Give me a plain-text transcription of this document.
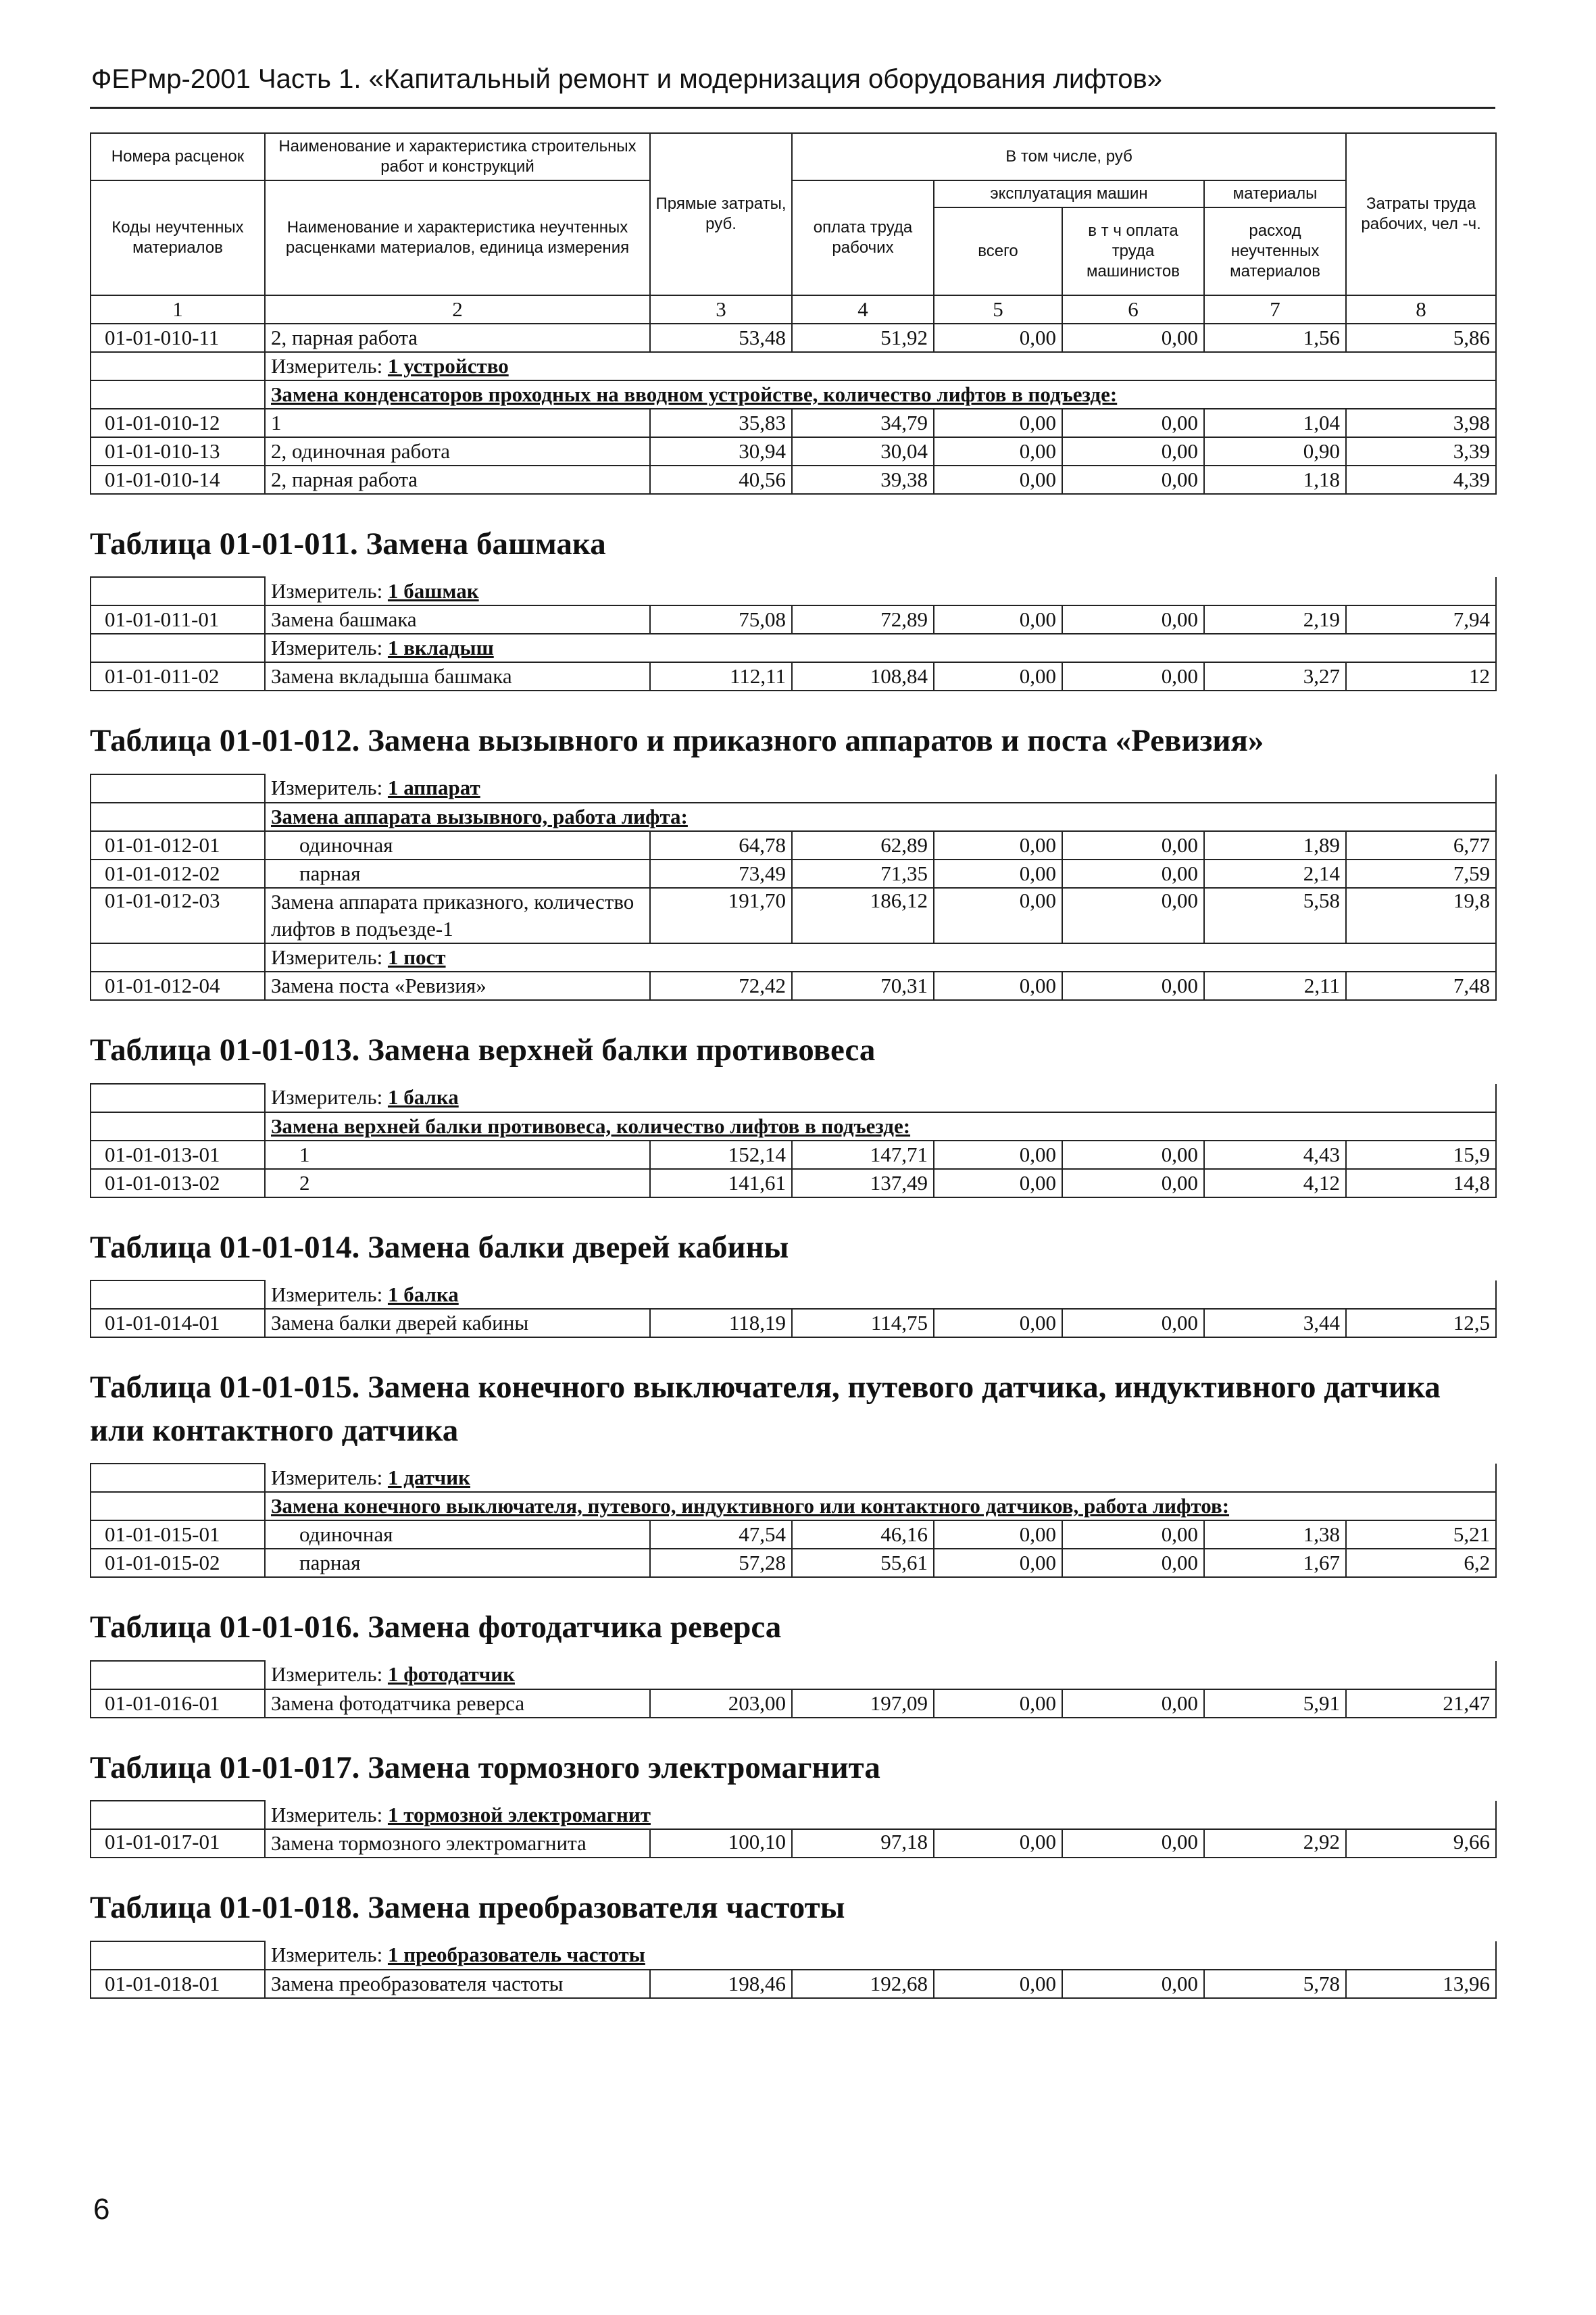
ФЕРмр-2001 Часть 1. «Капитальный ремонт и модернизация оборудования лифтов»
Номера расценок	Наименование и характеристика строительных работ и конструкций	Прямые затраты, руб.	В том числе, руб				Затраты труда рабочих, чел -ч.
Коды неучтенных материалов	Наименование и характеристика неучтенных расценками материалов, единица измерения		оплата труда рабочих	эксплуатация машин		материалы	
				всего	в т ч оплата труда машинистов	расход неучтенных материалов	
1	2	3	4	5	6	7	8
01-01-010-11	2, парная работа	53,48	51,92	0,00	0,00	1,56	5,86
	Измеритель: 1 устройство						
	Замена конденсаторов проходных на вводном устройстве, количество лифтов в подъезде:						
01-01-010-12	1	35,83	34,79	0,00	0,00	1,04	3,98
01-01-010-13	2, одиночная работа	30,94	30,04	0,00	0,00	0,90	3,39
01-01-010-14	2, парная работа	40,56	39,38	0,00	0,00	1,18	4,39
Таблица 01-01-011. Замена башмака
	Измеритель: 1 башмак						
01-01-011-01	Замена башмака	75,08	72,89	0,00	0,00	2,19	7,94
	Измеритель: 1 вкладыш						
01-01-011-02	Замена вкладыша башмака	112,11	108,84	0,00	0,00	3,27	12
Таблица 01-01-012. Замена вызывного и приказного аппаратов и поста «Ревизия»
	Измеритель: 1 аппарат						
	Замена аппарата вызывного, работа лифта:						
01-01-012-01	одиночная	64,78	62,89	0,00	0,00	1,89	6,77
01-01-012-02	парная	73,49	71,35	0,00	0,00	2,14	7,59
01-01-012-03	Замена аппарата приказного, количество лифтов в подъезде-1	191,70	186,12	0,00	0,00	5,58	19,8
	Измеритель: 1 пост						
01-01-012-04	Замена поста «Ревизия»	72,42	70,31	0,00	0,00	2,11	7,48
Таблица 01-01-013. Замена верхней балки противовеса
	Измеритель: 1 балка						
	Замена верхней балки противовеса, количество лифтов в подъезде:						
01-01-013-01	1	152,14	147,71	0,00	0,00	4,43	15,9
01-01-013-02	2	141,61	137,49	0,00	0,00	4,12	14,8
Таблица 01-01-014. Замена балки дверей кабины
	Измеритель: 1 балка						
01-01-014-01	Замена балки дверей кабины	118,19	114,75	0,00	0,00	3,44	12,5
Таблица 01-01-015. Замена конечного выключателя, путевого датчика, индуктивного датчика или контактного датчика
	Измеритель: 1 датчик						
	Замена конечного выключателя, путевого, индуктивного или контактного датчиков, работа лифтов:						
01-01-015-01	одиночная	47,54	46,16	0,00	0,00	1,38	5,21
01-01-015-02	парная	57,28	55,61	0,00	0,00	1,67	6,2
Таблица 01-01-016. Замена фотодатчика реверса
	Измеритель: 1 фотодатчик						
01-01-016-01	Замена фотодатчика реверса	203,00	197,09	0,00	0,00	5,91	21,47
Таблица 01-01-017. Замена тормозного электромагнита
	Измеритель: 1 тормозной электромагнит						
01-01-017-01	Замена тормозного электромагнита	100,10	97,18	0,00	0,00	2,92	9,66
Таблица 01-01-018. Замена преобразователя частоты
	Измеритель: 1 преобразователь частоты						
01-01-018-01	Замена преобразователя частоты	198,46	192,68	0,00	0,00	5,78	13,96
6
